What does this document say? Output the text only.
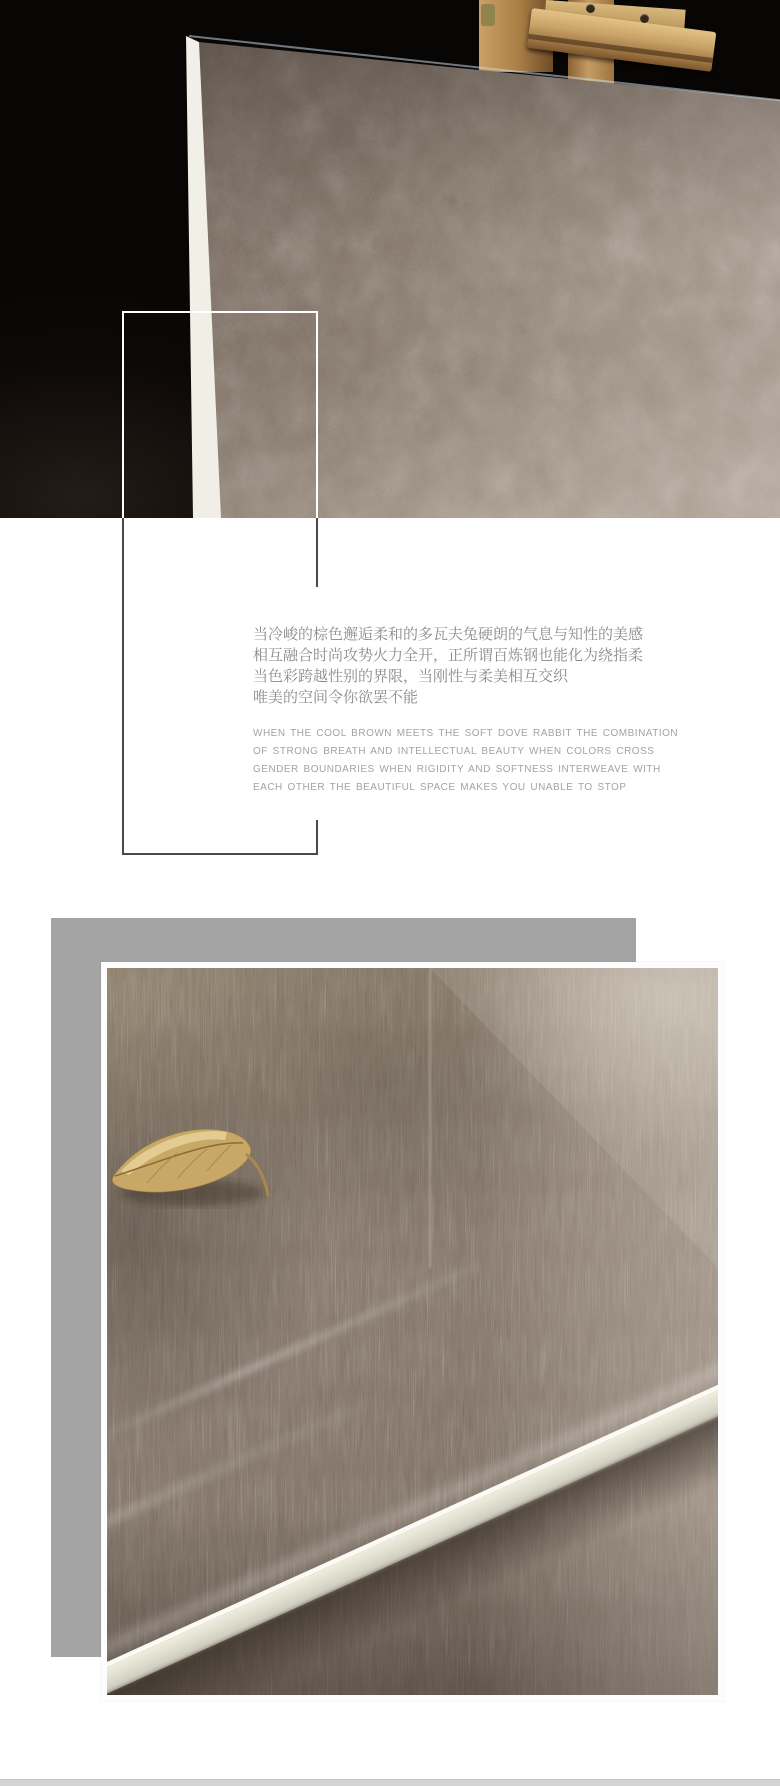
当冷峻的棕色邂逅柔和的多瓦夫兔硬朗的气息与知性的美感
相互融合时尚攻势火力全开，正所谓百炼钢也能化为绕指柔
当色彩跨越性别的界限，当刚性与柔美相互交织
唯美的空间令你欲罢不能
WHEN THE COOL BROWN MEETS THE SOFT DOVE RABBIT THE COMBINATION
OF STRONG BREATH AND INTELLECTUAL BEAUTY WHEN COLORS CROSS
GENDER BOUNDARIES WHEN RIGIDITY AND SOFTNESS INTERWEAVE WITH
EACH OTHER THE BEAUTIFUL SPACE MAKES YOU UNABLE TO STOP
